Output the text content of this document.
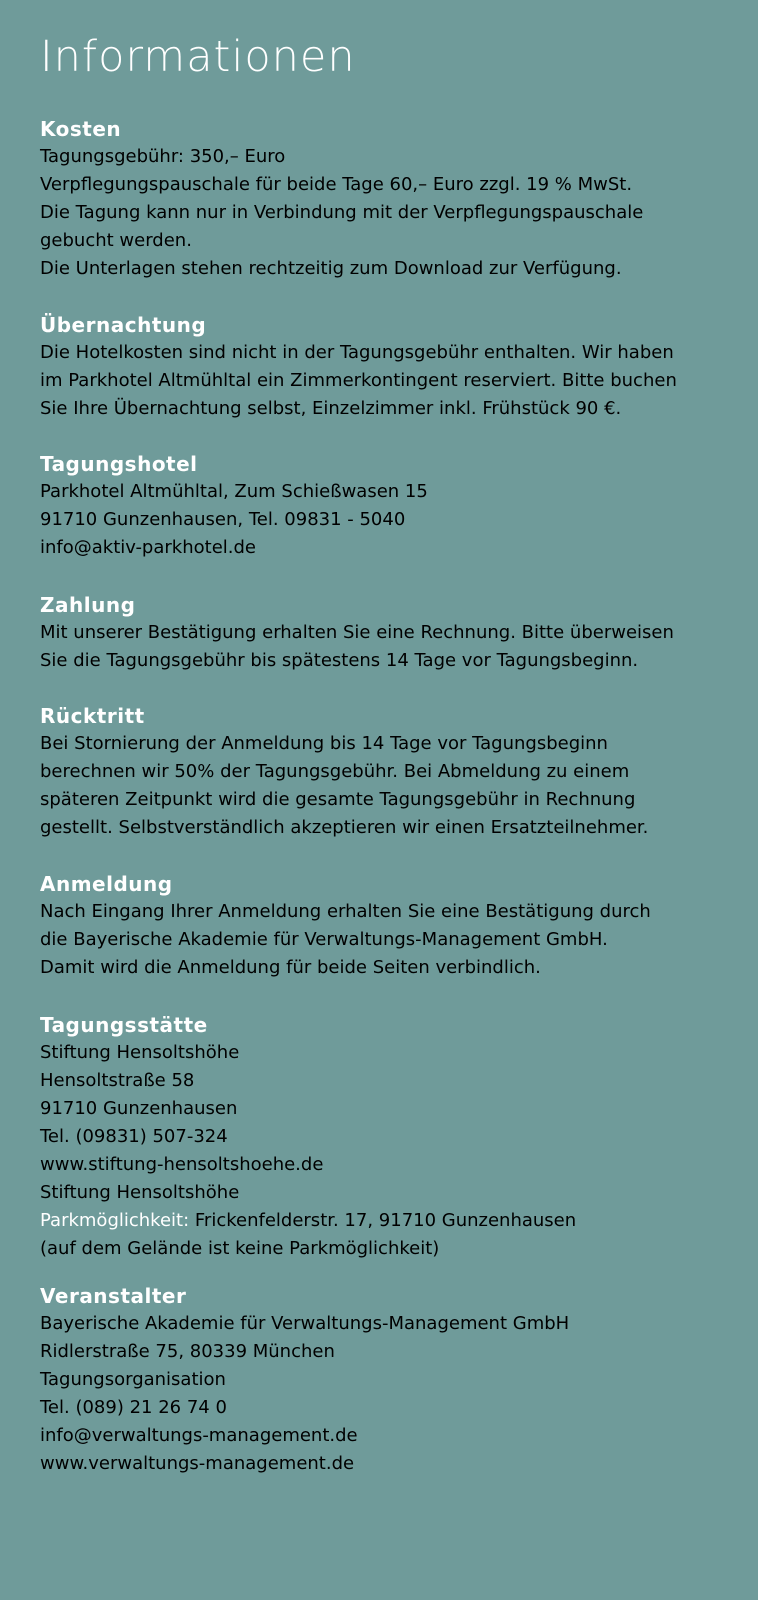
Informationen
Kosten

Tagungsgebühr: 350,– Euro

Verpflegungspauschale für beide Tage 60,– Euro zzgl. 19 % MwSt.

Die Tagung kann nur in Verbindung mit der Verpflegungspauschale

gebucht werden.

Die Unterlagen stehen rechtzeitig zum Download zur Verfügung.

Übernachtung

Die Hotelkosten sind nicht in der Tagungsgebühr enthalten. Wir haben

im Parkhotel Altmühltal ein Zimmerkontingent reserviert. Bitte buchen

Sie Ihre Übernachtung selbst, Einzelzimmer inkl. Frühstück 90 €.

Tagungshotel

Parkhotel Altmühltal, Zum Schießwasen 15

91710 Gunzenhausen, Tel. 09831 - 5040

info@aktiv-parkhotel.de

Zahlung

Mit unserer Bestätigung erhalten Sie eine Rechnung. Bitte überweisen

Sie die Tagungsgebühr bis spätestens 14 Tage vor Tagungsbeginn.

Rücktritt

Bei Stornierung der Anmeldung bis 14 Tage vor Tagungsbeginn

berechnen wir 50% der Tagungsgebühr. Bei Abmeldung zu einem

späteren Zeitpunkt wird die gesamte Tagungsgebühr in Rechnung

gestellt. Selbstverständlich akzeptieren wir einen Ersatzteilnehmer.

Anmeldung

Nach Eingang Ihrer Anmeldung erhalten Sie eine Bestätigung durch

die Bayerische Akademie für Verwaltungs-Management GmbH.

Damit wird die Anmeldung für beide Seiten verbindlich.

Tagungsstätte

Stiftung Hensoltshöhe

Hensoltstraße 58

91710 Gunzenhausen

Tel. (09831) 507-324

www.stiftung-hensoltshoehe.de

Stiftung Hensoltshöhe

Parkmöglichkeit: Frickenfelderstr. 17, 91710 Gunzenhausen

(auf dem Gelände ist keine Parkmöglichkeit)

Veranstalter

Bayerische Akademie für Verwaltungs-Management GmbH

Ridlerstraße 75, 80339 München

Tagungsorganisation

Tel. (089) 21 26 74 0

info@verwaltungs-management.de

www.verwaltungs-management.de
